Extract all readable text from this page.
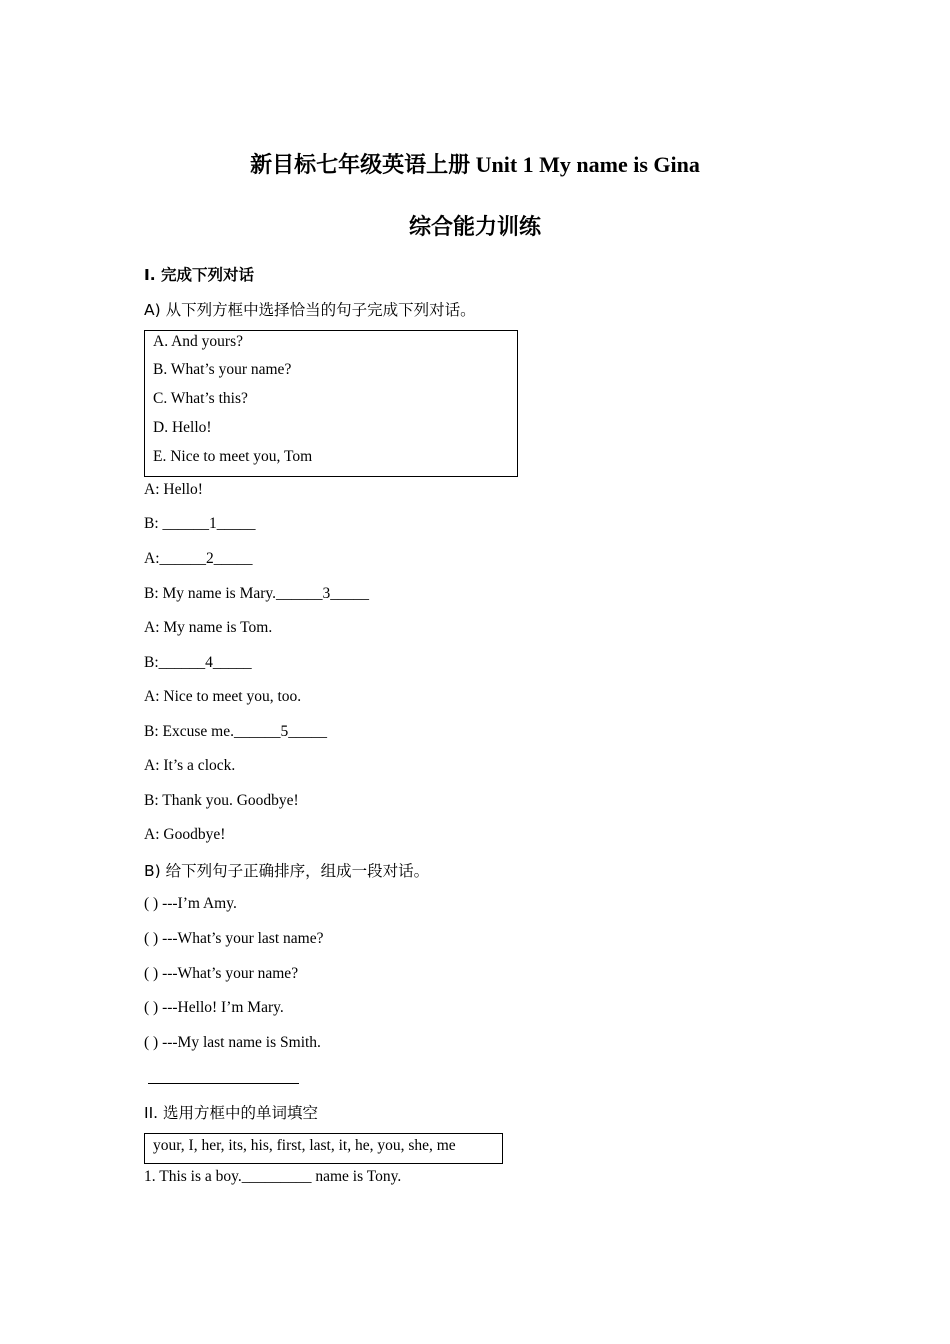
新目标七年级英语上册 Unit 1 My name is Gina
综合能力训练
I. 完成下列对话
A) 从下列方框中选择恰当的句子完成下列对话。
A. And yours?
B. What’s your name?
C. What’s this?
D. Hello!
E. Nice to meet you, Tom
A: Hello!
B: ______1_____
A:______2_____
B: My name is Mary.______3_____
A: My name is Tom.
B:______4_____
A: Nice to meet you, too.
B: Excuse me.______5_____
A: It’s a clock.
B: Thank you. Goodbye!
A: Goodbye!
B) 给下列句子正确排序，组成一段对话。
( ) ---I’m Amy.
( ) ---What’s your last name?
( ) ---What’s your name?
( ) ---Hello! I’m Mary.
( ) ---My last name is Smith.
II. 选用方框中的单词填空
your, I, her, its, his, first, last, it, he, you, she, me
1. This is a boy._________ name is Tony.
